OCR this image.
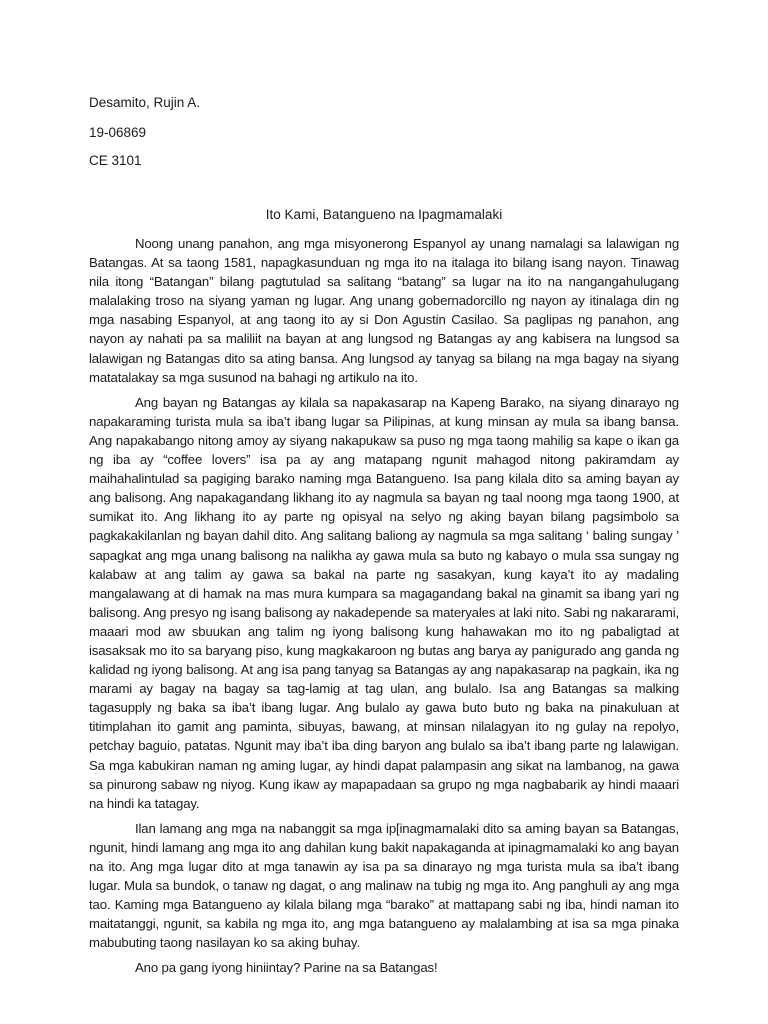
Desamito, Rujin A.
19-06869
CE 3101
Ito Kami, Batangueno na Ipagmamalaki

Noong unang panahon, ang mga misyonerong Espanyol ay unang namalagi sa lalawigan ng Batangas. At sa taong 1581, napagkasunduan ng mga ito na italaga ito bilang isang nayon. Tinawag nila itong “Batangan” bilang pagtutulad sa salitang “batang” sa lugar na ito na nangangahulugang malalaking troso na siyang yaman ng lugar. Ang unang gobernadorcillo ng nayon ay itinalaga din ng mga nasabing Espanyol, at ang taong ito ay si Don Agustin Casilao. Sa paglipas ng panahon, ang nayon ay nahati pa sa maliliit na bayan at ang lungsod ng Batangas ay ang kabisera na lungsod sa lalawigan ng Batangas dito sa ating bansa. Ang lungsod ay tanyag sa bilang na mga bagay na siyang matatalakay sa mga susunod na bahagi ng artikulo na ito.

Ang bayan ng Batangas ay kilala sa napakasarap na Kapeng Barako, na siyang dinarayo ng napakaraming turista mula sa iba’t ibang lugar sa Pilipinas, at kung minsan ay mula sa ibang bansa. Ang napakabango nitong amoy ay siyang nakapukaw sa puso ng mga taong mahilig sa kape o ikan ga ng iba ay “coffee lovers” isa pa ay ang matapang ngunit mahagod nitong pakiramdam ay maihahalintulad sa pagiging barako naming mga Batangueno. Isa pang kilala dito sa aming bayan ay ang balisong. Ang napakagandang likhang ito ay nagmula sa bayan ng taal noong mga taong 1900, at sumikat ito. Ang likhang ito ay parte ng opisyal na selyo ng aking bayan bilang pagsimbolo sa pagkakakilanlan ng bayan dahil dito. Ang salitang baliong ay nagmula sa mga salitang ‘ baling sungay ’ sapagkat ang mga unang balisong na nalikha ay gawa mula sa buto ng kabayo o mula ssa sungay ng kalabaw at ang talim ay gawa sa bakal na parte ng sasakyan, kung kaya’t ito ay madaling mangalawang at di hamak na mas mura kumpara sa magagandang bakal na ginamit sa ibang yari ng balisong. Ang presyo ng isang balisong ay nakadepende sa materyales at laki nito. Sabi ng nakararami, maaari mod aw sbuukan ang talim ng iyong balisong kung hahawakan mo ito ng pabaligtad at isasaksak mo ito sa baryang piso, kung magkakaroon ng butas ang barya ay panigurado ang ganda ng kalidad ng iyong balisong. At ang isa pang tanyag sa Batangas ay ang napakasarap na pagkain, ika ng marami ay bagay na bagay sa tag-lamig at tag ulan, ang bulalo. Isa ang Batangas sa malking tagasupply ng baka sa iba’t ibang lugar. Ang bulalo ay gawa buto buto ng baka na pinakuluan at titimplahan ito gamit ang paminta, sibuyas, bawang, at minsan nilalagyan ito ng gulay na repolyo, petchay baguio, patatas. Ngunit may iba’t iba ding baryon ang bulalo sa iba’t ibang parte ng lalawigan. Sa mga kabukiran naman ng aming lugar, ay hindi dapat palampasin ang sikat na lambanog, na gawa sa pinurong sabaw ng niyog. Kung ikaw ay mapapadaan sa grupo ng mga nagbabarik ay hindi maaari na hindi ka tatagay.

Ilan lamang ang mga na nabanggit sa mga ip[inagmamalaki dito sa aming bayan sa Batangas, ngunit, hindi lamang ang mga ito ang dahilan kung bakit napakaganda at ipinagmamalaki ko ang bayan na ito. Ang mga lugar dito at mga tanawin ay isa pa sa dinarayo ng mga turista mula sa iba’t ibang lugar. Mula sa bundok, o tanaw ng dagat, o ang malinaw na tubig ng mga ito. Ang panghuli ay ang mga tao. Kaming mga Batangueno ay kilala bilang mga “barako” at mattapang sabi ng iba, hindi naman ito maitatanggi, ngunit, sa kabila ng mga ito, ang mga batangueno ay malalambing at isa sa mga pinaka mabubuting taong nasilayan ko sa aking buhay.

Ano pa gang iyong hiniintay? Parine na sa Batangas!
